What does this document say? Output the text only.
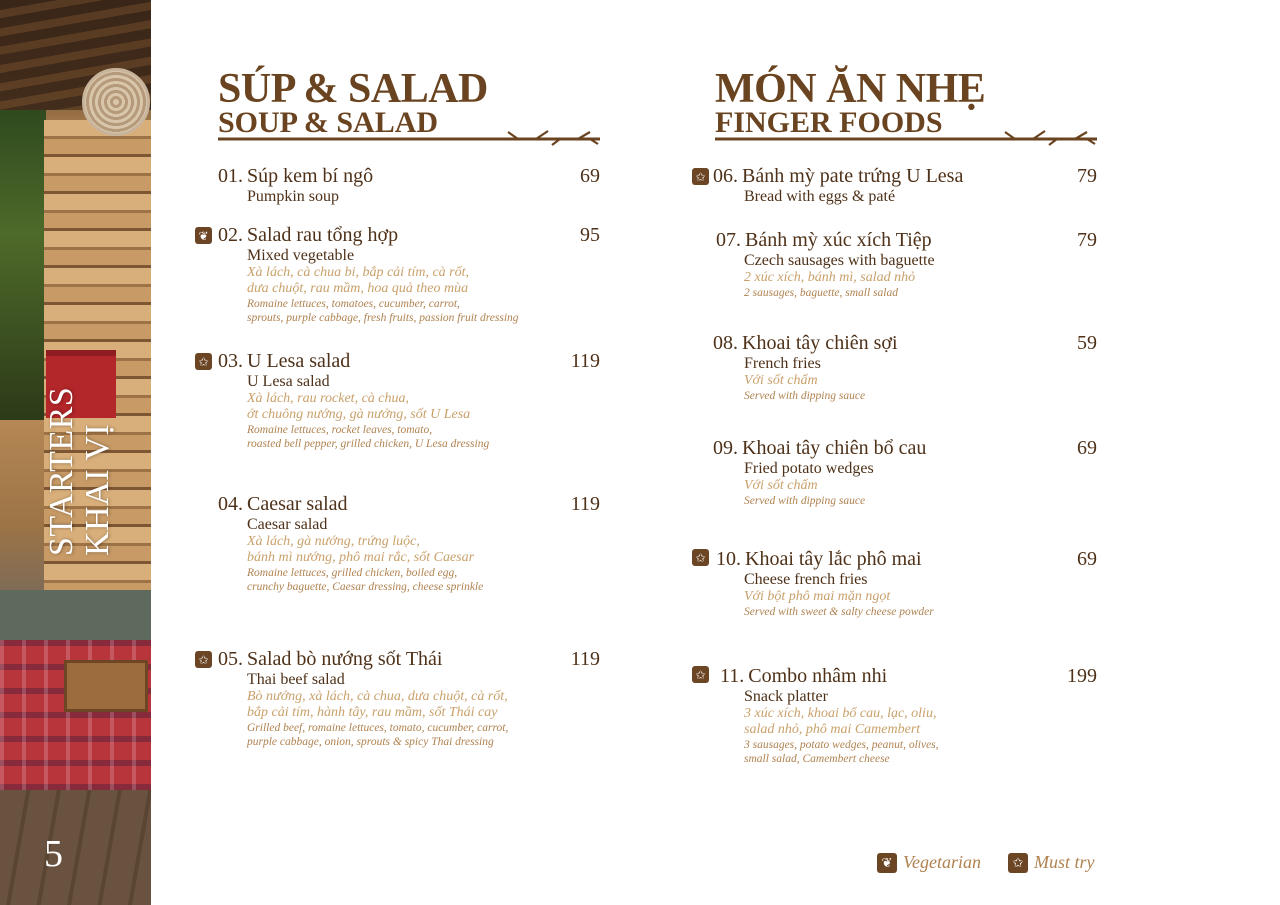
STARTERS KHAI VỊ
5
SÚP & SALAD
SOUP & SALAD
MÓN ĂN NHẸ
FINGER FOODS
01.
Súp kem bí ngô	69
Pumpkin soup
❦ 02.
Salad rau tổng hợp	95
Mixed vegetable
Xà lách, cà chua bi, bắp cải tím, cà rốt,
dưa chuột, rau mầm, hoa quả theo mùa
Romaine lettuces, tomatoes, cucumber, carrot,
sprouts, purple cabbage, fresh fruits, passion fruit dressing
✩ 03.
U Lesa salad	119
U Lesa salad
Xà lách, rau rocket, cà chua,
ớt chuông nướng, gà nướng, sốt U Lesa
Romaine lettuces, rocket leaves, tomato,
roasted bell pepper, grilled chicken, U Lesa dressing
04.
Caesar salad	119
Caesar salad
Xà lách, gà nướng, trứng luộc,
bánh mì nướng, phô mai rắc, sốt Caesar
Romaine lettuces, grilled chicken, boiled egg,
crunchy baguette, Caesar dressing, cheese sprinkle
✩ 05.
Salad bò nướng sốt Thái	119
Thai beef salad
Bò nướng, xà lách, cà chua, dưa chuột, cà rốt,
bắp cải tím, hành tây, rau mầm, sốt Thái cay
Grilled beef, romaine lettuces, tomato, cucumber, carrot,
purple cabbage, onion, sprouts & spicy Thai dressing
✩ 06.
Bánh mỳ pate trứng U Lesa	79
Bread with eggs & paté
07.
Bánh mỳ xúc xích Tiệp	79
Czech sausages with baguette
2 xúc xích, bánh mì, salad nhỏ
2 sausages, baguette, small salad
08.
Khoai tây chiên sợi	59
French fries
Với sốt chấm
Served with dipping sauce
09.
Khoai tây chiên bổ cau	69
Fried potato wedges
Với sốt chấm
Served with dipping sauce
✩ 10.
Khoai tây lắc phô mai	69
Cheese french fries
Với bột phô mai mặn ngọt
Served with sweet & salty cheese powder
✩ 11.
Combo nhâm nhi	199
Snack platter
3 xúc xích, khoai bổ cau, lạc, oliu,
salad nhỏ, phô mai Camembert
3 sausages, potato wedges, peanut, olives,
small salad, Camembert cheese
❦ Vegetarian	✩ Must try
